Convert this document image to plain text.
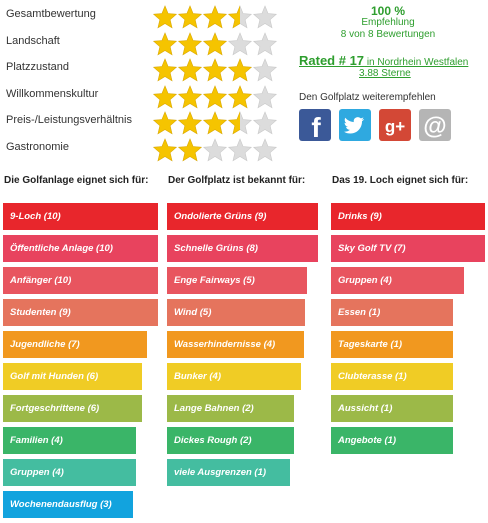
Gesamtbewertung
Landschaft
Platzzustand
Willkommenskultur
Preis-/Leistungsverhältnis
Gastronomie
100 %
Empfehlung
8 von 8 Bewertungen
Rated # 17 in Nordrhein Westfalen
3.88 Sterne
Den Golfplatz weiterempfehlen
f	g+ @
Die Golfanlage eignet sich für: Der Golfplatz ist bekannt für:	Das 19. Loch eignet sich für:
9-Loch (10)
Öffentliche Anlage (10)
Anfänger (10)
Studenten (9)
Jugendliche (7)
Golf mit Hunden (6)
Fortgeschrittene (6)
Familien (4)
Gruppen (4)
Wochenendausflug (3)
Ondolierte Grüns (9)
Schnelle Grüns (8)
Enge Fairways (5)
Wind (5)
Wasserhindernisse (4)
Bunker (4)
Lange Bahnen (2)
Dickes Rough (2)
viele Ausgrenzen (1)
Drinks (9)
Sky Golf TV (7)
Gruppen (4)
Essen (1)
Tageskarte (1)
Clubterasse (1)
Aussicht (1)
Angebote (1)
